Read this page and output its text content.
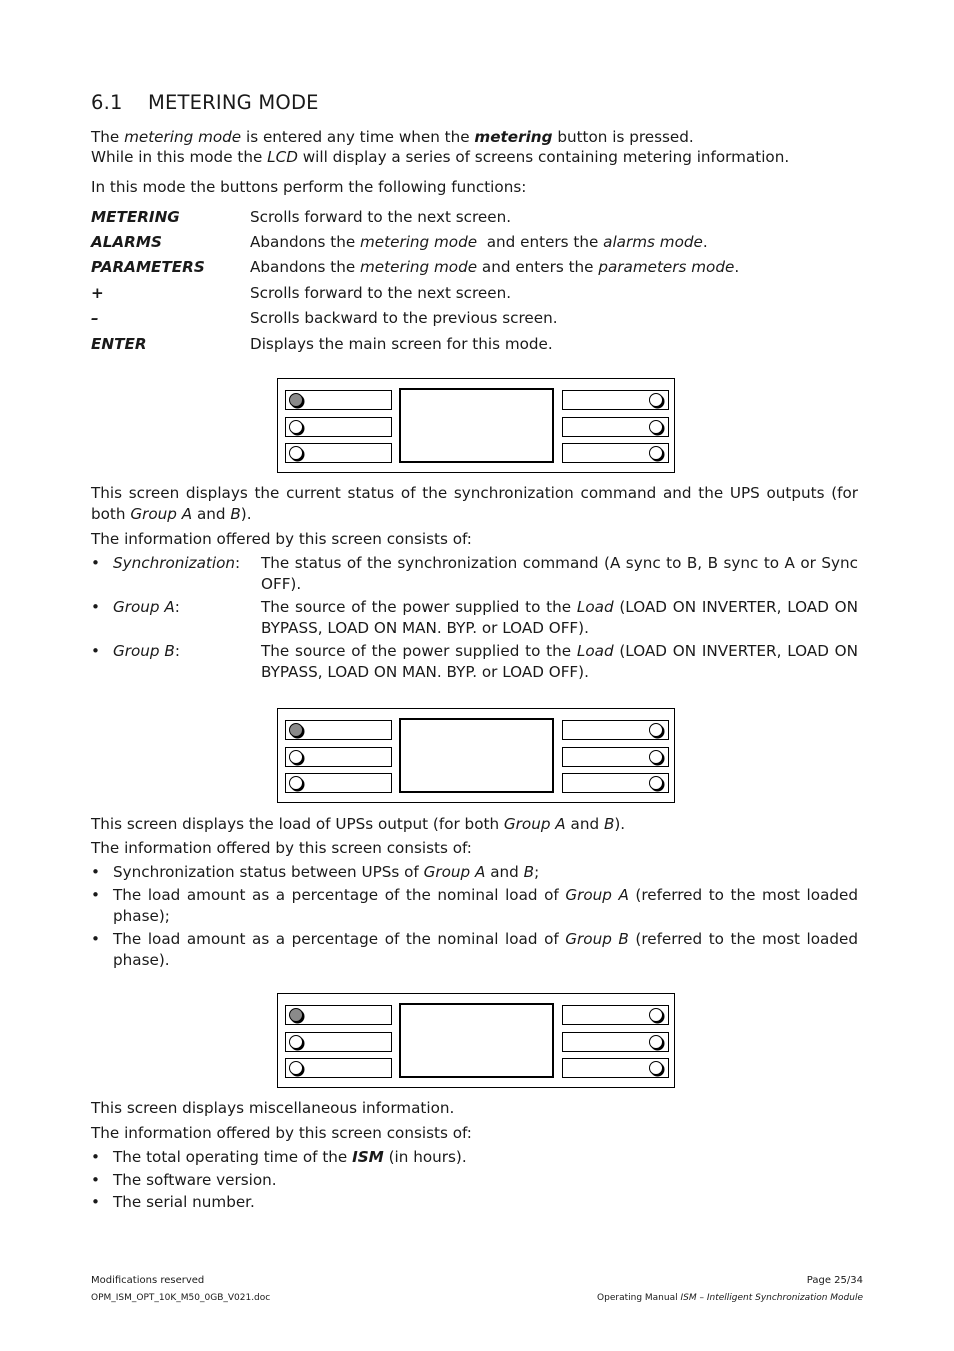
6.1 METERING MODE
The metering mode is entered any time when the metering button is pressed.
While in this mode the LCD will display a series of screens containing metering information.
In this mode the buttons perform the following functions:
METERING	Scrolls forward to the next screen.
ALARMS	Abandons the metering mode  and enters the alarms mode.
PARAMETERS	Abandons the metering mode and enters the parameters mode.
+	Scrolls forward to the next screen.
–	Scrolls backward to the previous screen.
ENTER	Displays the main screen for this mode.
This screen displays the current status of the synchronization command and the UPS outputs (for both Group A and B).
The information offered by this screen consists of:
• Synchronization: The status of the synchronization command (A sync to B, B sync to A or Sync OFF).
• Group A:	The source of the power supplied to the Load (LOAD ON INVERTER, LOAD ON BYPASS, LOAD ON MAN. BYP. or LOAD OFF).
• Group B:	The source of the power supplied to the Load (LOAD ON INVERTER, LOAD ON BYPASS, LOAD ON MAN. BYP. or LOAD OFF).
This screen displays the load of UPSs output (for both Group A and B).
The information offered by this screen consists of:
• Synchronization status between UPSs of Group A and B;
• The load amount as a percentage of the nominal load of Group A (referred to the most loaded phase);
• The load amount as a percentage of the nominal load of Group B (referred to the most loaded phase).
This screen displays miscellaneous information.
The information offered by this screen consists of:
• The total operating time of the ISM (in hours).
• The software version.
• The serial number.
Modifications reserved
OPM_ISM_OPT_10K_M50_0GB_V021.doc
Page 25/34
Operating Manual ISM – Intelligent Synchronization Module
